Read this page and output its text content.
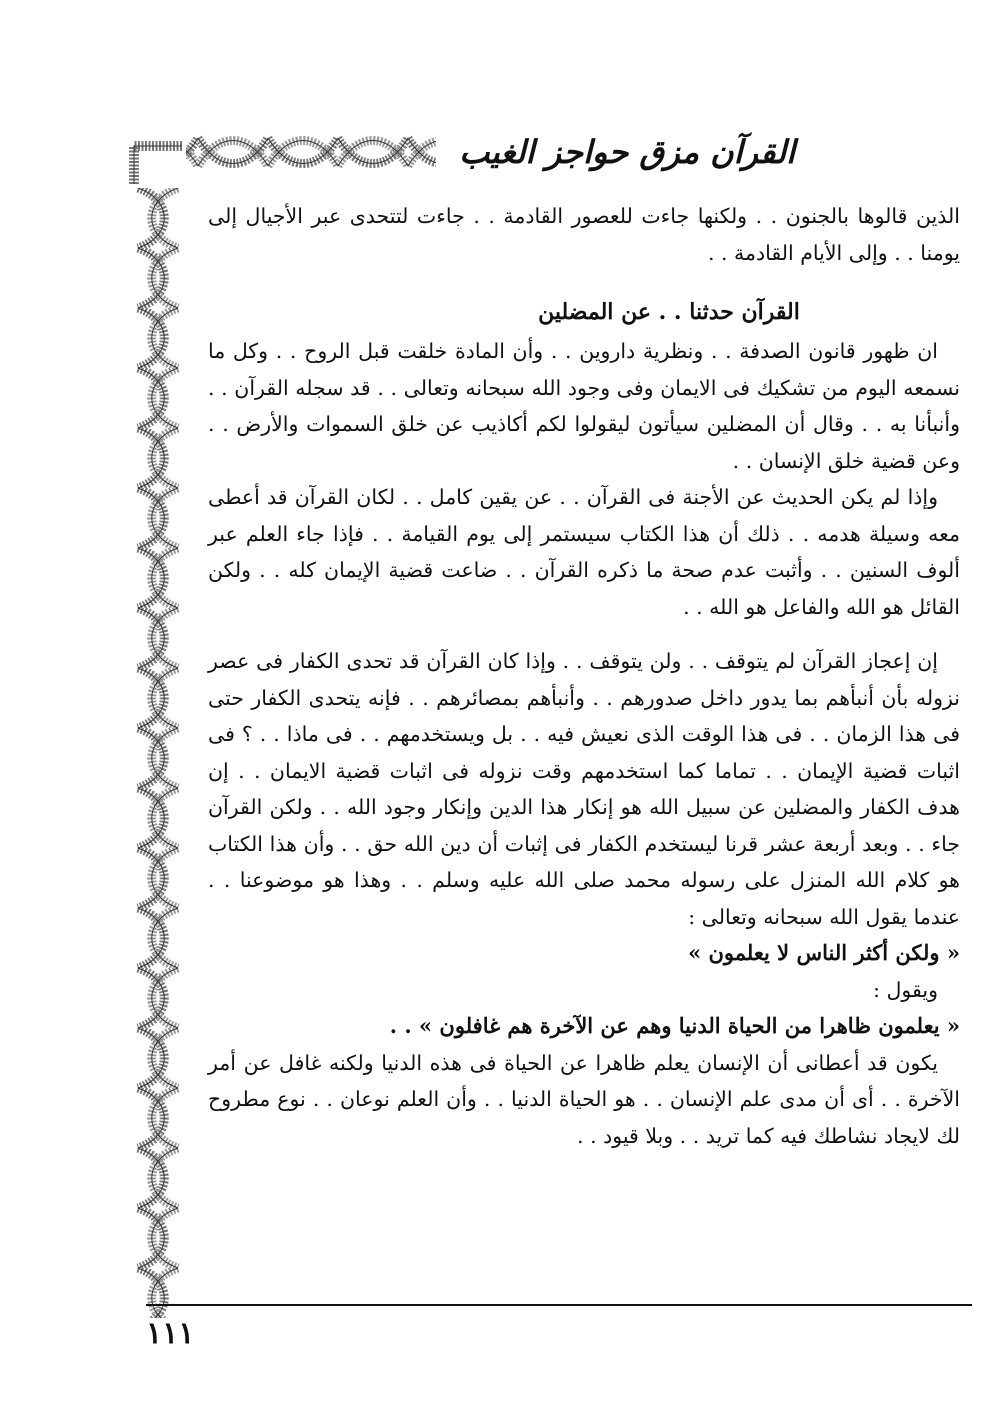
القرآن مزق حواجز الغيب

الذين قالوها بالجنون . . ولكنها جاءت للعصور القادمة . . جاءت لتتحدى عبر الأجيال إلى يومنا . . وإلى الأيام القادمة . .

القرآن حدثنا . . عن المضلين

ان ظهور قانون الصدفة . . ونظرية داروين . . وأن المادة خلقت قبل الروح . . وكل ما نسمعه اليوم من تشكيك فى الايمان وفى وجود الله سبحانه وتعالى . . قد سجله القرآن . . وأنبأنا به . . وقال أن المضلين سيأتون ليقولوا لكم أكاذيب عن خلق السموات والأرض . . وعن قضية خلق الإنسان . .

وإذا لم يكن الحديث عن الأجنة فى القرآن . . عن يقين كامل . . لكان القرآن قد أعطى معه وسيلة هدمه . . ذلك أن هذا الكتاب سيستمر إلى يوم القيامة . . فإذا جاء العلم عبر ألوف السنين . . وأثبت عدم صحة ما ذكره القرآن . . ضاعت قضية الإيمان كله . . ولكن القائل هو الله والفاعل هو الله . .

إن إعجاز القرآن لم يتوقف . . ولن يتوقف . . وإذا كان القرآن قد تحدى الكفار فى عصر نزوله بأن أنبأهم بما يدور داخل صدورهم . . وأنبأهم بمصائرهم . . فإنه يتحدى الكفار حتى فى هذا الزمان . . فى هذا الوقت الذى نعيش فيه . . بل ويستخدمهم . . فى ماذا . . ؟ فى اثبات قضية الإيمان . . تماما كما استخدمهم وقت نزوله فى اثبات قضية الايمان . . إن هدف الكفار والمضلين عن سبيل الله هو إنكار هذا الدين وإنكار وجود الله . . ولكن القرآن جاء . . وبعد أربعة عشر قرنا ليستخدم الكفار فى إثبات أن دين الله حق . . وأن هذا الكتاب هو كلام الله المنزل على رسوله محمد صلى الله عليه وسلم . . وهذا هو موضوعنا . . عندما يقول الله سبحانه وتعالى :

« ولكن أكثر الناس لا يعلمون »

ويقول :

« يعلمون ظاهرا من الحياة الدنيا وهم عن الآخرة هم غافلون » . .

يكون قد أعطانى أن الإنسان يعلم ظاهرا عن الحياة فى هذه الدنيا ولكنه غافل عن أمر الآخرة . . أى أن مدى علم الإنسان . . هو الحياة الدنيا . . وأن العلم نوعان . . نوع مطروح لك لايجاد نشاطك فيه كما تريد . . وبلا قيود . .

١١١
